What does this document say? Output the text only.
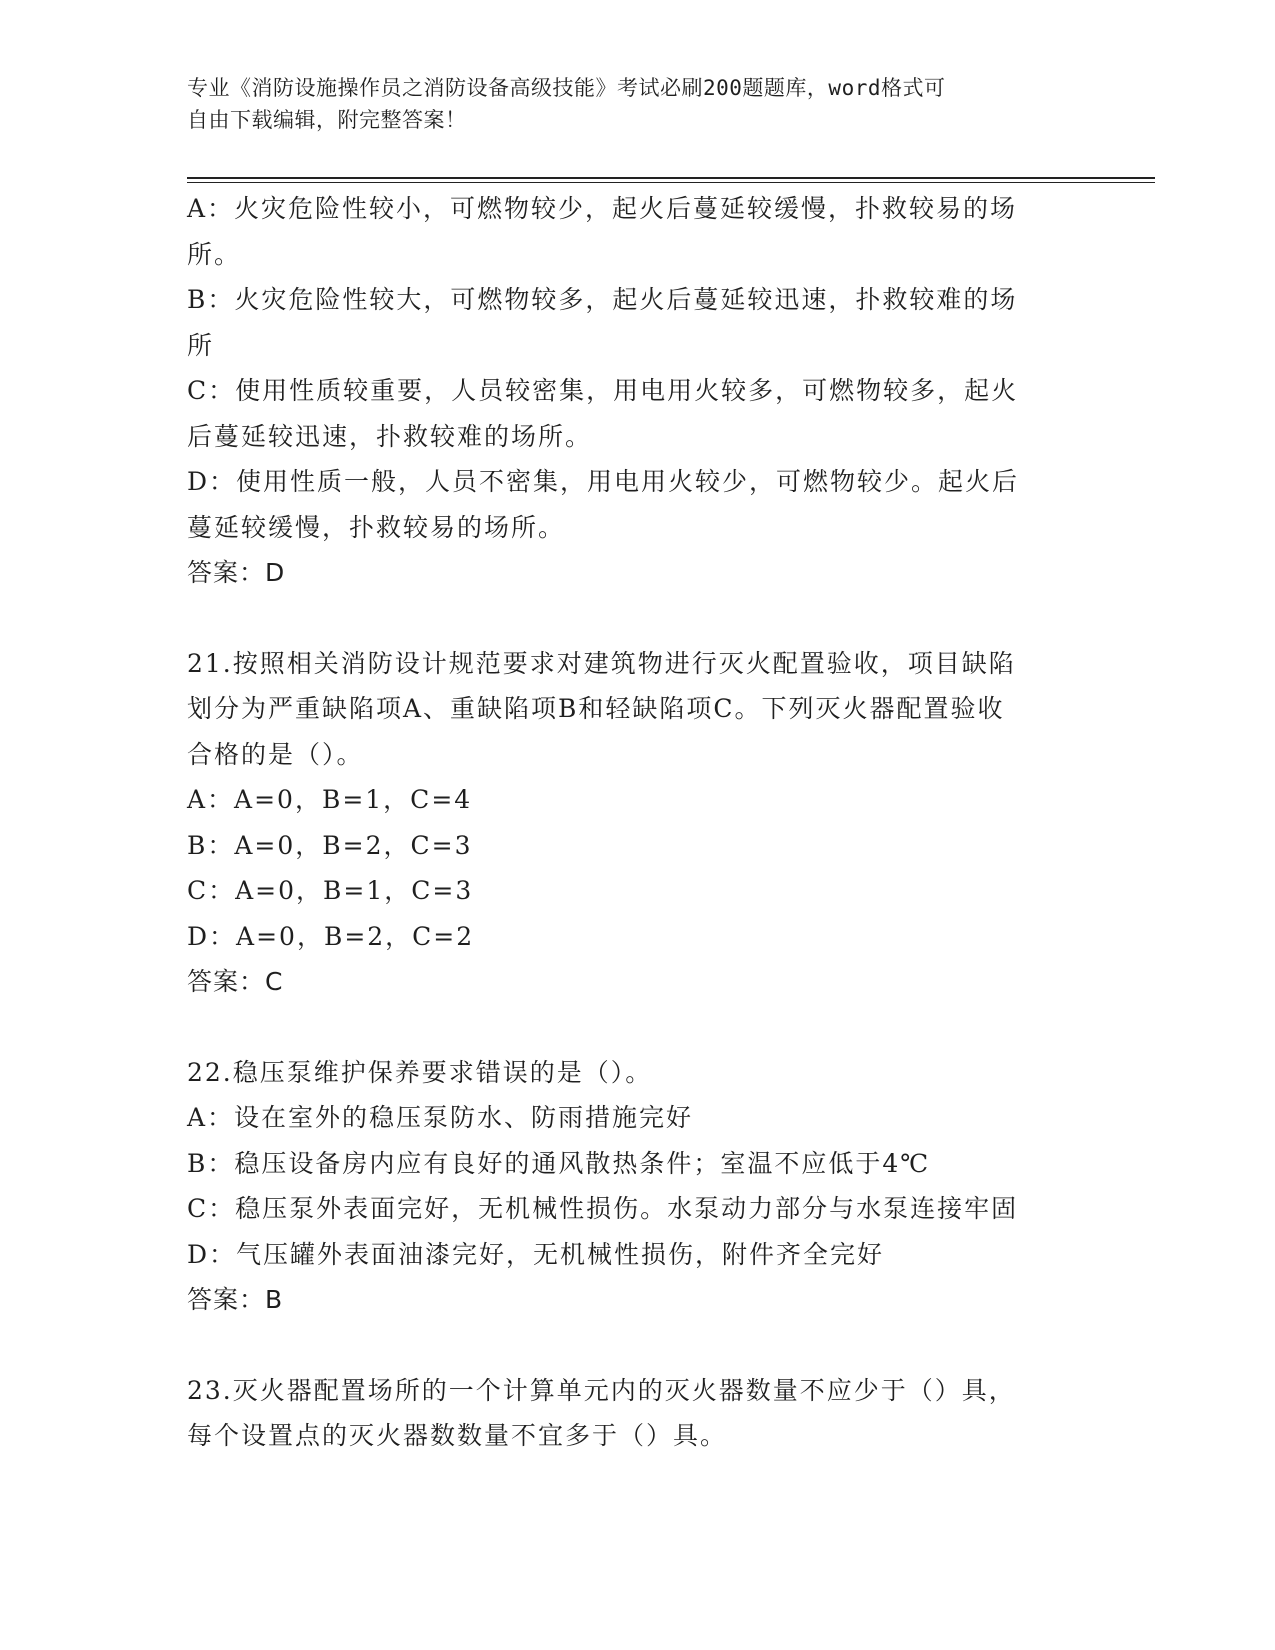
专业《消防设施操作员之消防设备高级技能》考试必刷200题题库，word格式可

自由下载编辑，附完整答案！

A：火灾危险性较小，可燃物较少，起火后蔓延较缓慢，扑救较易的场
所。
B：火灾危险性较大，可燃物较多，起火后蔓延较迅速，扑救较难的场
所
C：使用性质较重要，人员较密集，用电用火较多，可燃物较多，起火
后蔓延较迅速，扑救较难的场所。
D：使用性质一般，人员不密集，用电用火较少，可燃物较少。起火后
蔓延较缓慢，扑救较易的场所。
答案：D
21.按照相关消防设计规范要求对建筑物进行灭火配置验收，项目缺陷
划分为严重缺陷项A、重缺陷项B和轻缺陷项C。下列灭火器配置验收
合格的是（）。
A：A=0，B=1，C=4
B：A=0，B=2，C=3
C：A=0，B=1，C=3
D：A=0，B=2，C=2
答案：C
22.稳压泵维护保养要求错误的是（）。
A：设在室外的稳压泵防水、防雨措施完好
B：稳压设备房内应有良好的通风散热条件；室温不应低于4℃
C：稳压泵外表面完好，无机械性损伤。水泵动力部分与水泵连接牢固
D：气压罐外表面油漆完好，无机械性损伤，附件齐全完好
答案：B
23.灭火器配置场所的一个计算单元内的灭火器数量不应少于（）具，
每个设置点的灭火器数数量不宜多于（）具。
